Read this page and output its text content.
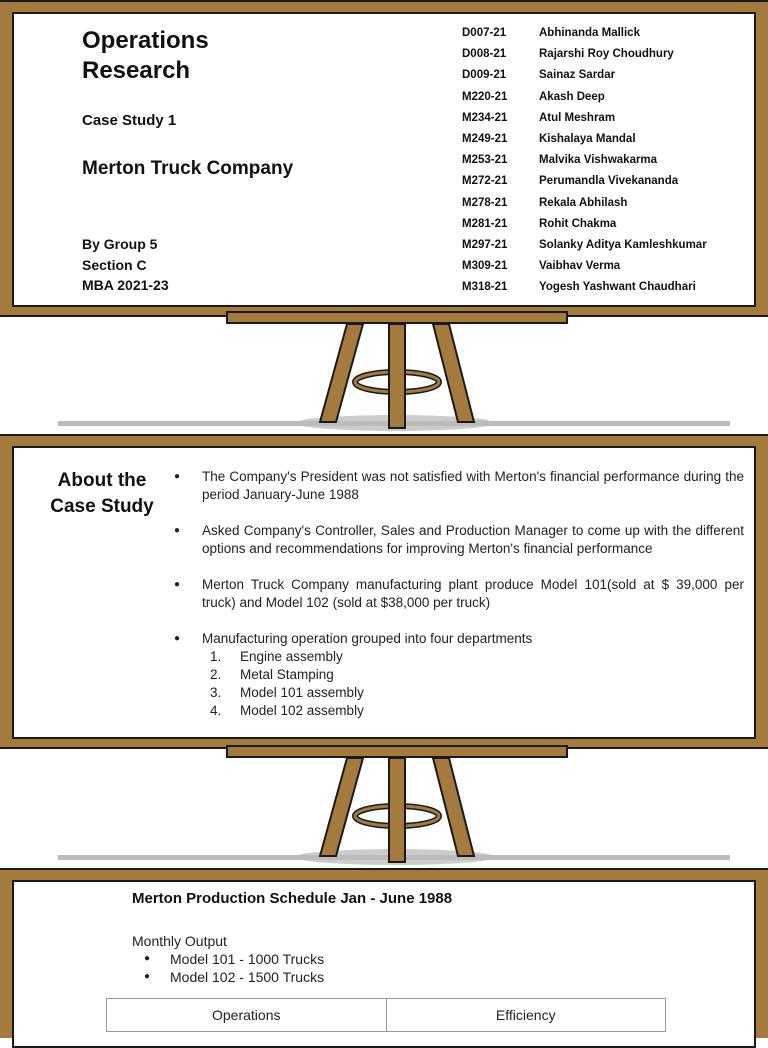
Operations
Research
Case Study 1
Merton Truck Company
By Group 5
Section C
MBA 2021-23
D007-21	Abhinanda Mallick
D008-21	Rajarshi Roy Choudhury
D009-21	Sainaz Sardar
M220-21	Akash Deep
M234-21	Atul Meshram
M249-21	Kishalaya Mandal
M253-21	Malvika Vishwakarma
M272-21	Perumandla Vivekananda
M278-21	Rekala Abhilash
M281-21	Rohit Chakma
M297-21	Solanky Aditya Kamleshkumar
M309-21	Vaibhav Verma
M318-21	Yogesh Yashwant Chaudhari
About the
Case Study
● The Company's President was not satisfied with Merton's financial performance during the period January-June 1988
● Asked Company's Controller, Sales and Production Manager to come up with the different options and recommendations for improving Merton's financial performance
● Merton Truck Company manufacturing plant produce Model 101(sold at $ 39,000 per truck) and Model 102 (sold at $38,000 per truck)
● Manufacturing operation grouped into four departments
1.	Engine assembly
2.	Metal Stamping
3.	Model 101 assembly
4.	Model 102 assembly
Merton Production Schedule Jan - June 1988
Monthly Output
● Model 101 - 1000 Trucks
● Model 102 - 1500 Trucks
Operations	Efficiency
